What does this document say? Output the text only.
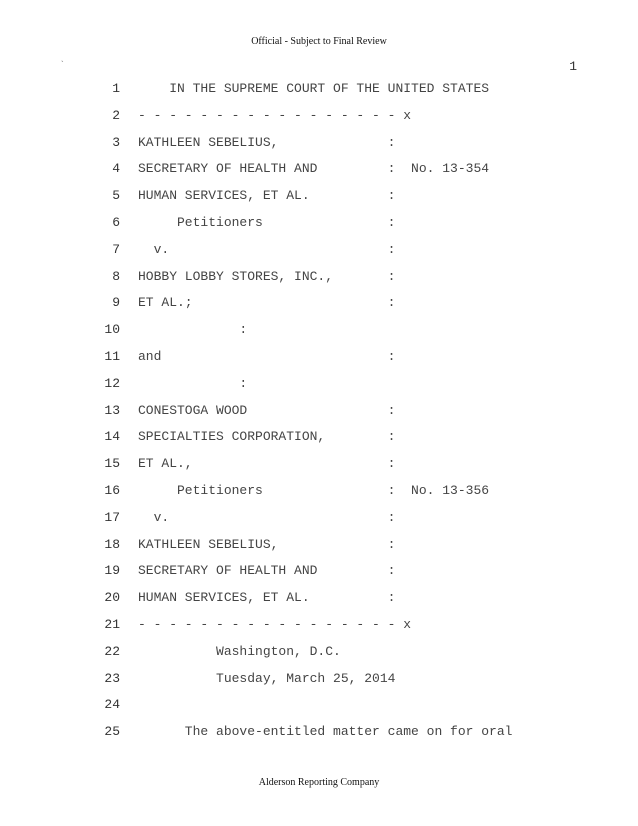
Official - Subject to Final Review
`	1
1 IN THE SUPREME COURT OF THE UNITED STATES
2 - - - - - - - - - - - - - - - - - x
3 KATHLEEN SEBELIUS,              :
4 SECRETARY OF HEALTH AND         :  No. 13-354
5 HUMAN SERVICES, ET AL.          :
6 Petitioners                :
7 v.                            :
8 HOBBY LOBBY STORES, INC.,       :
9 ET AL.;                         :
10 :
11 and                             :
12 :
13 CONESTOGA WOOD                  :
14 SPECIALTIES CORPORATION,        :
15 ET AL.,                         :
16 Petitioners                :  No. 13-356
17 v.                            :
18 KATHLEEN SEBELIUS,              :
19 SECRETARY OF HEALTH AND         :
20 HUMAN SERVICES, ET AL.          :
21 - - - - - - - - - - - - - - - - - x
22 Washington, D.C.
23 Tuesday, March 25, 2014
24
25 The above-entitled matter came on for oral
Alderson Reporting Company
